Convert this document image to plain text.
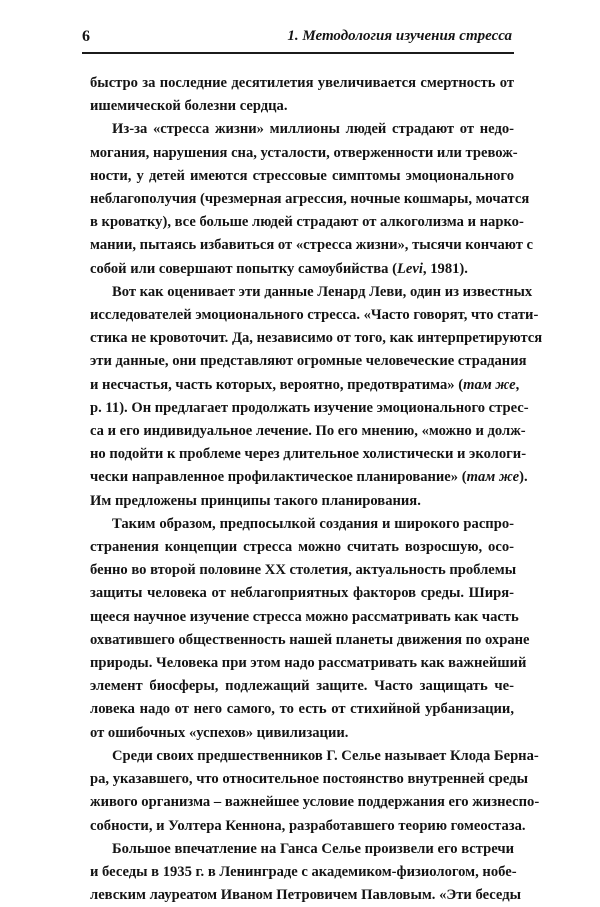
6	1. Методология изучения стресса
быстро за последние десятилетия увеличивается смертность от
ишемической болезни сердца.
Из-за «стресса жизни» миллионы людей страдают от недо-
могания, нарушения сна, усталости, отверженности или тревож-
ности, у детей имеются стрессовые симптомы эмоционального
неблагополучия (чрезмерная агрессия, ночные кошмары, мочатся
в кроватку), все больше людей страдают от алкоголизма и нарко-
мании, пытаясь избавиться от «стресса жизни», тысячи кончают с
собой или совершают попытку самоубийства (Levi, 1981).
Вот как оценивает эти данные Ленард Леви, один из известных
исследователей эмоционального стресса. «Часто говорят, что стати-
стика не кровоточит. Да, независимо от того, как интерпретируются
эти данные, они представляют огромные человеческие страдания
и несчастья, часть которых, вероятно, предотвратима» (там же,
р. 11). Он предлагает продолжать изучение эмоционального стрес-
са и его индивидуальное лечение. По его мнению, «можно и долж-
но подойти к проблеме через длительное холистически и экологи-
чески направленное профилактическое планирование» (там же).
Им предложены принципы такого планирования.
Таким образом, предпосылкой создания и широкого распро-
странения концепции стресса можно считать возросшую, осо-
бенно во второй половине XX столетия, актуальность проблемы
защиты человека от неблагоприятных факторов среды. Ширя-
щееся научное изучение стресса можно рассматривать как часть
охватившего общественность нашей планеты движения по охране
природы. Человека при этом надо рассматривать как важнейший
элемент биосферы, подлежащий защите. Часто защищать че-
ловека надо от него самого, то есть от стихийной урбанизации,
от ошибочных «успехов» цивилизации.
Среди своих предшественников Г. Селье называет Клода Берна-
ра, указавшего, что относительное постоянство внутренней среды
живого организма – важнейшее условие поддержания его жизнеспо-
собности, и Уолтера Кеннона, разработавшего теорию гомеостаза.
Большое впечатление на Ганса Селье произвели его встречи
и беседы в 1935 г. в Ленинграде с академиком-физиологом, нобе-
левским лауреатом Иваном Петровичем Павловым. «Эти беседы
